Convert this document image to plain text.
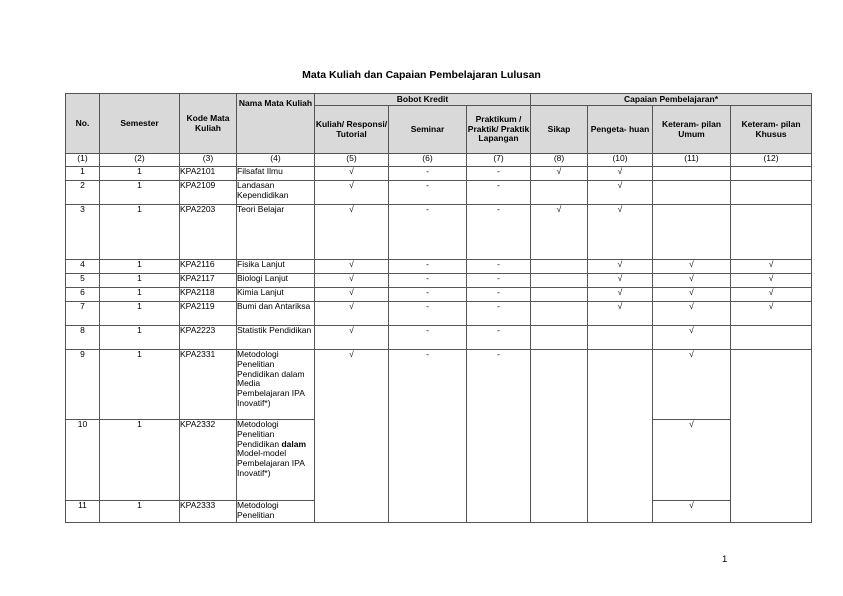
Mata Kuliah dan Capaian Pembelajaran Lulusan
No.	Semester	Kode Mata Kuliah	Nama Mata Kuliah	Bobot Kredit			Capaian Pembelajaran*			
				Kuliah/ Responsi/ Tutorial	Seminar	Praktikum / Praktik/ Praktik Lapangan	Sikap	Pengeta- huan	Keteram- pilan Umum	Keteram- pilan Khusus
(1)	(2)	(3)	(4)	(5)	(6)	(7)	(8)	(10)	(11)	(12)
1	1	KPA2101	Filsafat Ilmu	√	-	-	√	√		
2	1	KPA2109	Landasan Kependidikan	√	-	-		√		
3	1	KPA2203	Teori Belajar	√	-	-	√	√		
4	1	KPA2116	Fisika Lanjut	√	-	-		√	√	√
5	1	KPA2117	Biologi Lanjut	√	-	-		√	√	√
6	1	KPA2118	Kimia Lanjut	√	-	-		√	√	√
7	1	KPA2119	Bumi dan Antariksa	√	-	-		√	√	√
8	1	KPA2223	Statistik Pendidikan	√	-	-			√	
9	1	KPA2331	Metodologi Penelitian Pendidikan dalam Media Pembelajaran IPA Inovatif*)	√	-	-			√	
10	1	KPA2332	Metodologi Penelitian Pendidikan dalam Model-model Pembelajaran IPA Inovatif*)						√	
11	1	KPA2333	Metodologi Penelitian						√	
1
